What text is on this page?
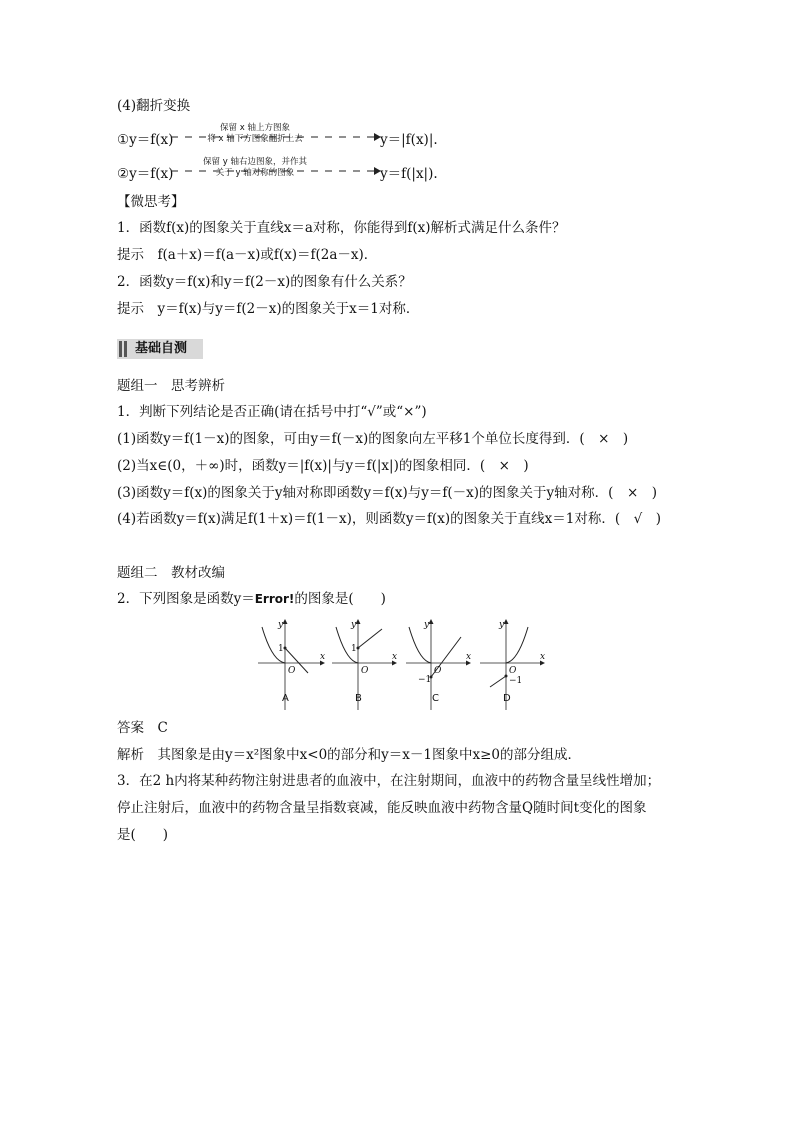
(4)翻折变换
①y＝f(x)
保留 x 轴上方图象
将 x 轴下方图象翻折上去	y＝|f(x)|.
②y＝f(x)
保留 y 轴右边图象，并作其
关于 y 轴对称的图象	y＝f(|x|).
【微思考】
1．函数f(x)的图象关于直线x＝a对称，你能得到f(x)解析式满足什么条件？
提示　f(a＋x)＝f(a－x)或f(x)＝f(2a－x)．
2．函数y＝f(x)和y＝f(2－x)的图象有什么关系？
提示　y＝f(x)与y＝f(2－x)的图象关于x＝1对称．
基础自测
题组一　思考辨析
1．判断下列结论是否正确(请在括号中打“√”或“×”)
(1)函数y＝f(1－x)的图象，可由y＝f(－x)的图象向左平移1个单位长度得到．(　×　)
(2)当x∈(0，＋∞)时，函数y＝|f(x)|与y＝f(|x|)的图象相同．(　×　)
(3)函数y＝f(x)的图象关于y轴对称即函数y＝f(x)与y＝f(－x)的图象关于y轴对称．(　×　)
(4)若函数y＝f(x)满足f(1＋x)＝f(1－x)，则函数y＝f(x)的图象关于直线x＝1对称．(　√　)
题组二　教材改编
2．下列图象是函数y＝Error!的图象是(　　)
y
1
O
x
y
1
O
x
y
O
−1
x
y
O
−1
x
A	B	C	D
答案　C
解析　其图象是由y＝x²图象中x<0的部分和y＝x－1图象中x≥0的部分组成．
3．在2 h内将某种药物注射进患者的血液中，在注射期间，血液中的药物含量呈线性增加；
停止注射后，血液中的药物含量呈指数衰减，能反映血液中药物含量Q随时间t变化的图象
是(　　)
